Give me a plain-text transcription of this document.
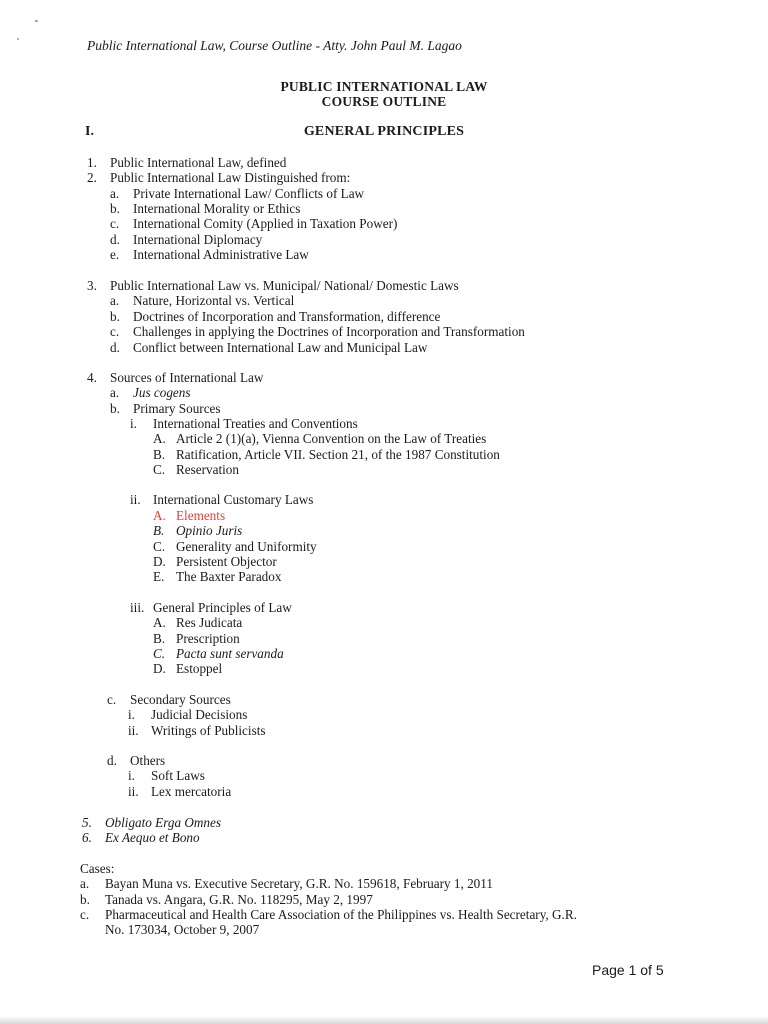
Public International Law, Course Outline - Atty. John Paul M. Lagao
PUBLIC INTERNATIONAL LAW
COURSE OUTLINE
I.	GENERAL PRINCIPLES
1. Public International Law, defined
2. Public International Law Distinguished from:
a. Private International Law/ Conflicts of Law
b. International Morality or Ethics
c. International Comity (Applied in Taxation Power)
d. International Diplomacy
e. International Administrative Law
3. Public International Law vs. Municipal/ National/ Domestic Laws
a. Nature, Horizontal vs. Vertical
b. Doctrines of Incorporation and Transformation, difference
c. Challenges in applying the Doctrines of Incorporation and Transformation
d. Conflict between International Law and Municipal Law
4. Sources of International Law
a. Jus cogens
b. Primary Sources
i. International Treaties and Conventions
A. Article 2 (1)(a), Vienna Convention on the Law of Treaties
B. Ratification, Article VII. Section 21, of the 1987 Constitution
C. Reservation
ii. International Customary Laws
A. Elements
B. Opinio Juris
C. Generality and Uniformity
D. Persistent Objector
E. The Baxter Paradox
iii. General Principles of Law
A. Res Judicata
B. Prescription
C. Pacta sunt servanda
D. Estoppel
c. Secondary Sources
i. Judicial Decisions
ii. Writings of Publicists
d. Others
i. Soft Laws
ii. Lex mercatoria
5. Obligato Erga Omnes
6. Ex Aequo et Bono
Cases:
a. Bayan Muna vs. Executive Secretary, G.R. No. 159618, February 1, 2011
b. Tanada vs. Angara, G.R. No. 118295, May 2, 1997
c. Pharmaceutical and Health Care Association of the Philippines vs. Health Secretary, G.R.
No. 173034, October 9, 2007
Page 1 of 5
